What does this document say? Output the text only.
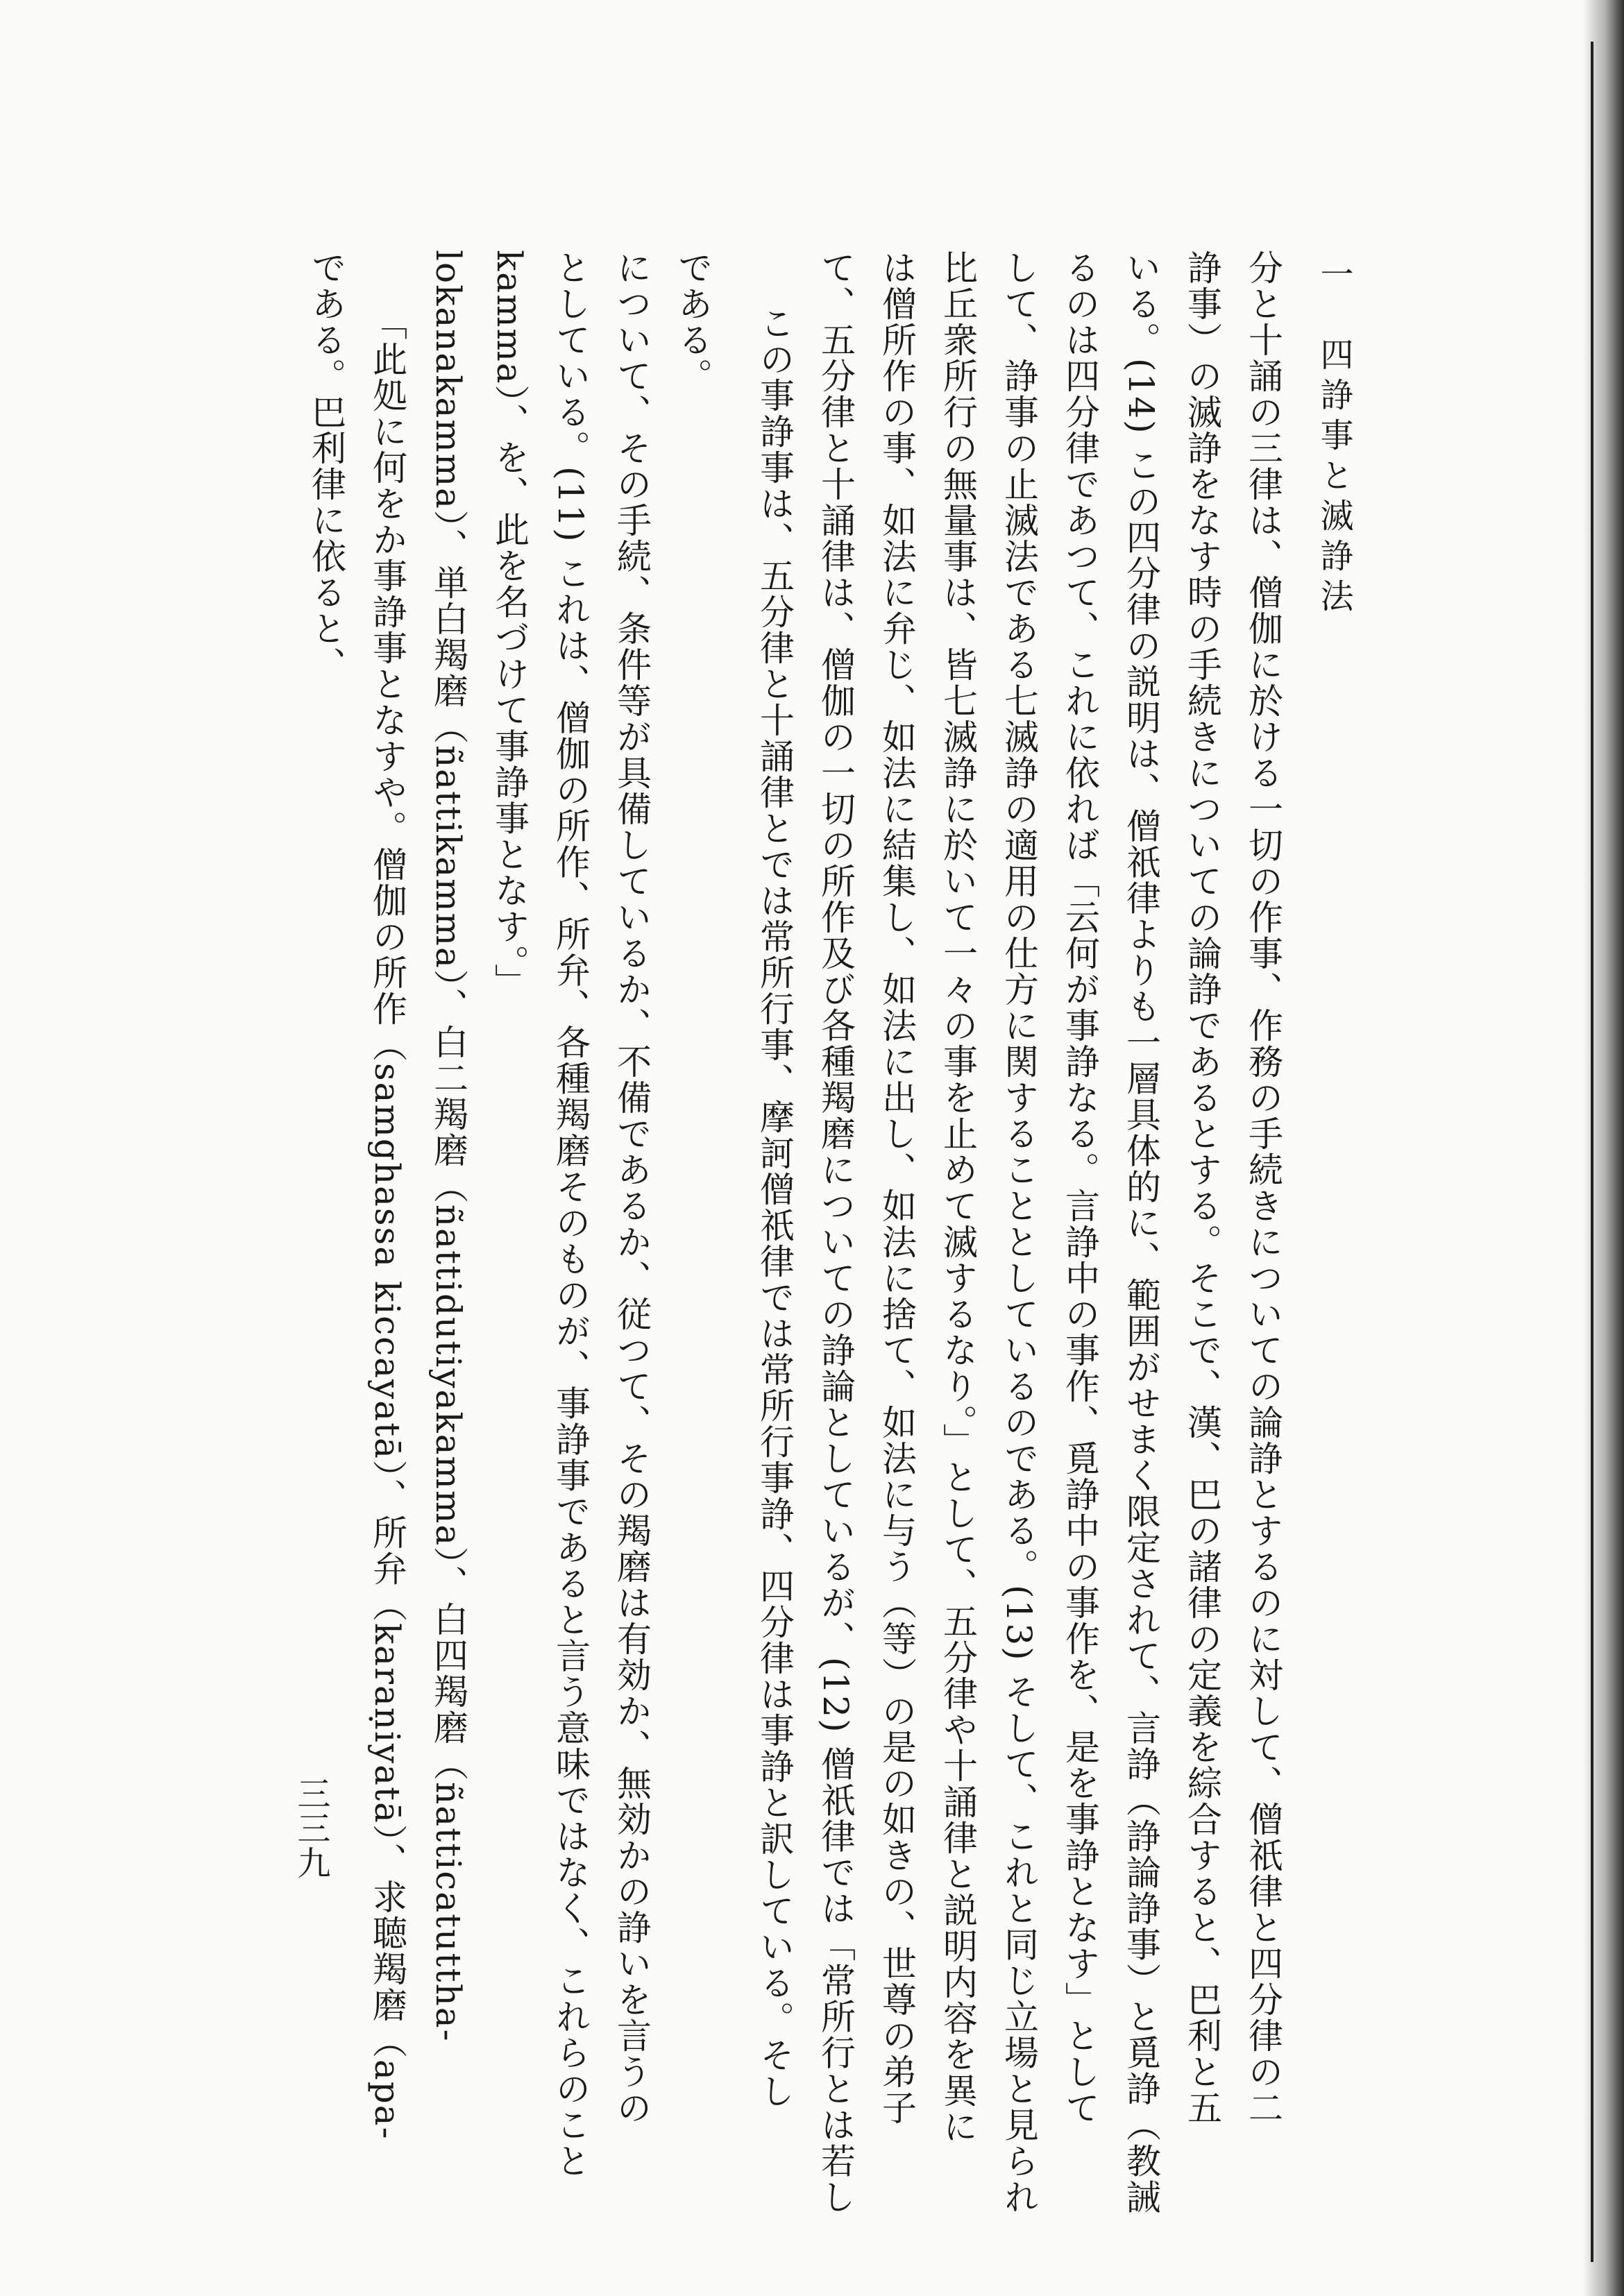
である。巴利律に依ると、 「此処に何をか事諍事となすや。僧伽の所作（samghassa kiccayatā）、所弁（karaṇiyatā）、求聴羯磨（apa- lokanakamma）、単白羯磨（ñattikamma）、白二羯磨（ñattidutiyakamma）、白四羯磨（ñatticatuttha- kamma）、を、此を名づけて事諍事となす。」 としている。(11) これは、僧伽の所作、所弁、各種羯磨そのものが、事諍事であると言う意味ではなく、これらのこと について、その手続、条件等が具備しているか、不備であるか、従つて、その羯磨は有効か、無効かの諍いを言うの である。 この事諍事は、五分律と十誦律とでは常所行事、摩訶僧祇律では常所行事諍、四分律は事諍と訳している。そし て、五分律と十誦律は、僧伽の一切の所作及び各種羯磨についての諍論としているが、(12) 僧祇律では「常所行とは若し は僧所作の事、如法に弁じ、如法に結集し、如法に出し、如法に捨て、如法に与う（等）の是の如きの、世尊の弟子 比丘衆所行の無量事は、皆七滅諍に於いて一々の事を止めて滅するなり。」として、五分律や十誦律と説明内容を異に して、諍事の止滅法である七滅諍の適用の仕方に関することとしているのである。(13) そして、これと同じ立場と見られ るのは四分律であつて、これに依れば「云何が事諍なる。言諍中の事作、覓諍中の事作を、是を事諍となす」として いる。(14) この四分律の説明は、僧祇律よりも一層具体的に、範囲がせまく限定されて、言諍（諍論諍事）と覓諍（教誡 諍事）の滅諍をなす時の手続きについての論諍であるとする。そこで、漢、巴の諸律の定義を綜合すると、巴利と五 分と十誦の三律は、僧伽に於ける一切の作事、作務の手続きについての論諍とするのに対して、僧祇律と四分律の二
三三九
一　四諍事と滅諍法
